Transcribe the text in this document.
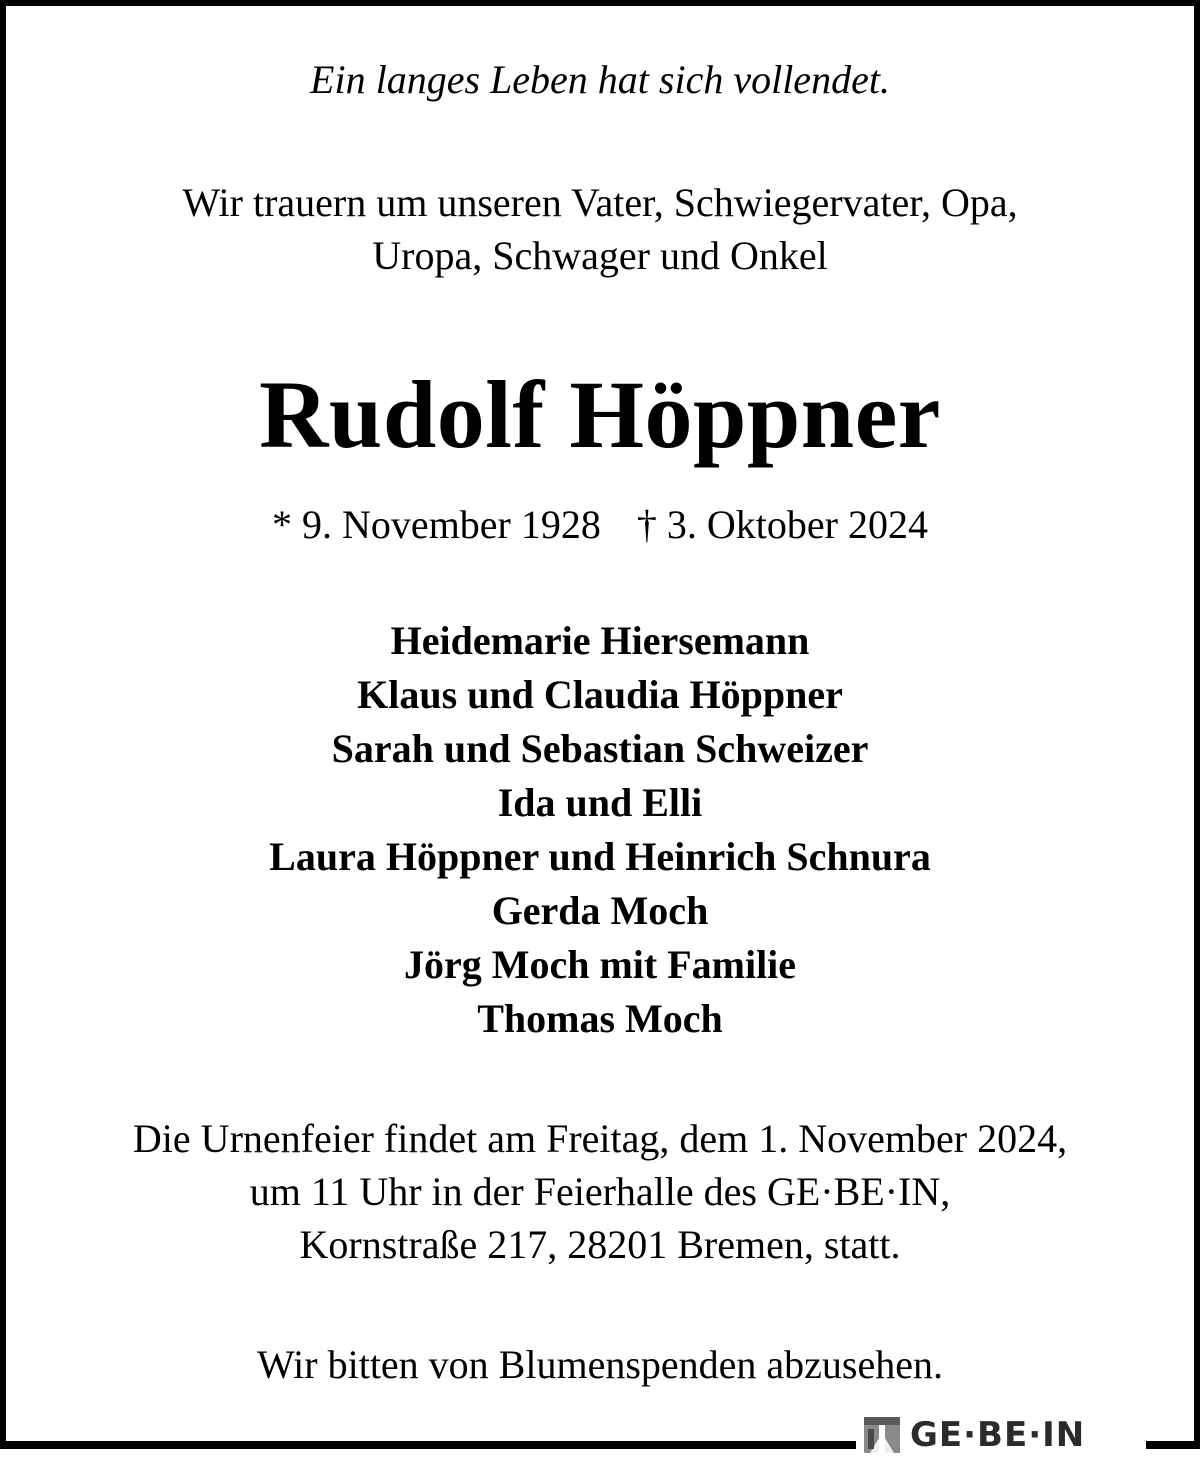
Ein langes Leben hat sich vollendet.
Wir trauern um unseren Vater, Schwiegervater, Opa,
Uropa, Schwager und Onkel
Rudolf Höppner
* 9. November 1928 † 3. Oktober 2024
Heidemarie Hiersemann
Klaus und Claudia Höppner
Sarah und Sebastian Schweizer
Ida und Elli
Laura Höppner und Heinrich Schnura
Gerda Moch
Jörg Moch mit Familie
Thomas Moch
Die Urnenfeier findet am Freitag, dem 1. November 2024,
um 11 Uhr in der Feierhalle des GE·BE·IN,
Kornstraße 217, 28201 Bremen, statt.
Wir bitten von Blumenspenden abzusehen.
GE·BE·IN
